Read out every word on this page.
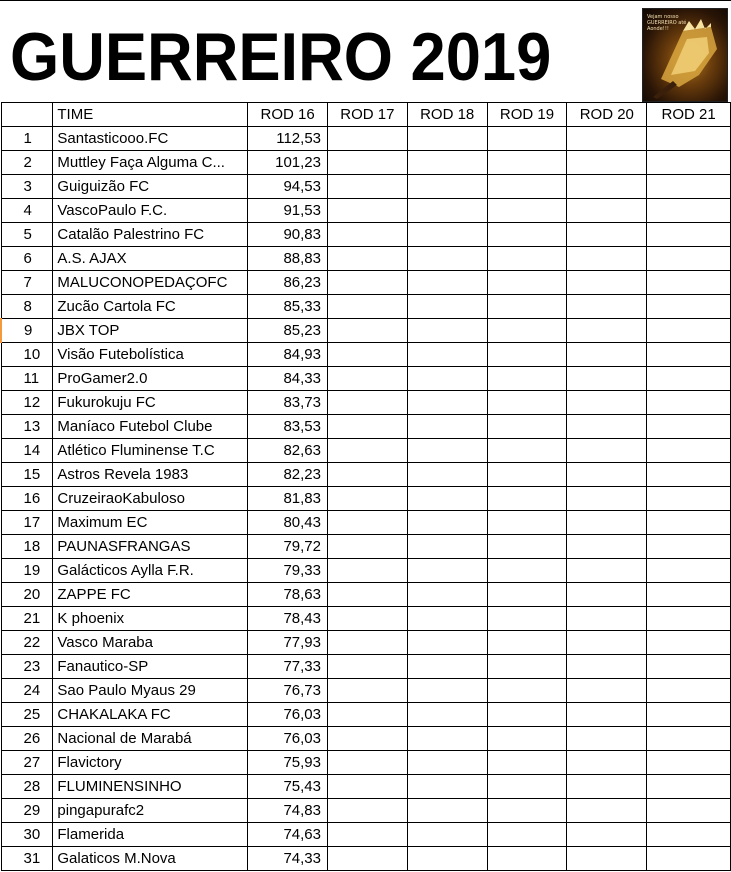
GUERREIRO 2019
Vejam nosso GUERREIRO até Aonde!!!
	TIME	ROD 16	ROD 17	ROD 18	ROD 19	ROD 20	ROD 21
1	Santasticooo.FC	112,53					
2	Muttley Faça Alguma C...	101,23					
3	Guiguizão FC	94,53					
4	VascoPaulo F.C.	91,53					
5	Catalão Palestrino FC	90,83					
6	A.S. AJAX	88,83					
7	MALUCONOPEDAÇOFC	86,23					
8	Zucão Cartola FC	85,33					
9	JBX TOP	85,23					
10	Visão Futebolística	84,93					
11	ProGamer2.0	84,33					
12	Fukurokuju FC	83,73					
13	Maníaco Futebol Clube	83,53					
14	Atlético Fluminense T.C	82,63					
15	Astros Revela 1983	82,23					
16	CruzeiraoKabuloso	81,83					
17	Maximum EC	80,43					
18	PAUNASFRANGAS	79,72					
19	Galácticos Aylla F.R.	79,33					
20	ZAPPE FC	78,63					
21	K phoenix	78,43					
22	Vasco Maraba	77,93					
23	Fanautico-SP	77,33					
24	Sao Paulo Myaus 29	76,73					
25	CHAKALAKA FC	76,03					
26	Nacional de Marabá	76,03					
27	Flavictory	75,93					
28	FLUMINENSINHO	75,43					
29	pingapurafc2	74,83					
30	Flamerida	74,63					
31	Galaticos M.Nova	74,33					
